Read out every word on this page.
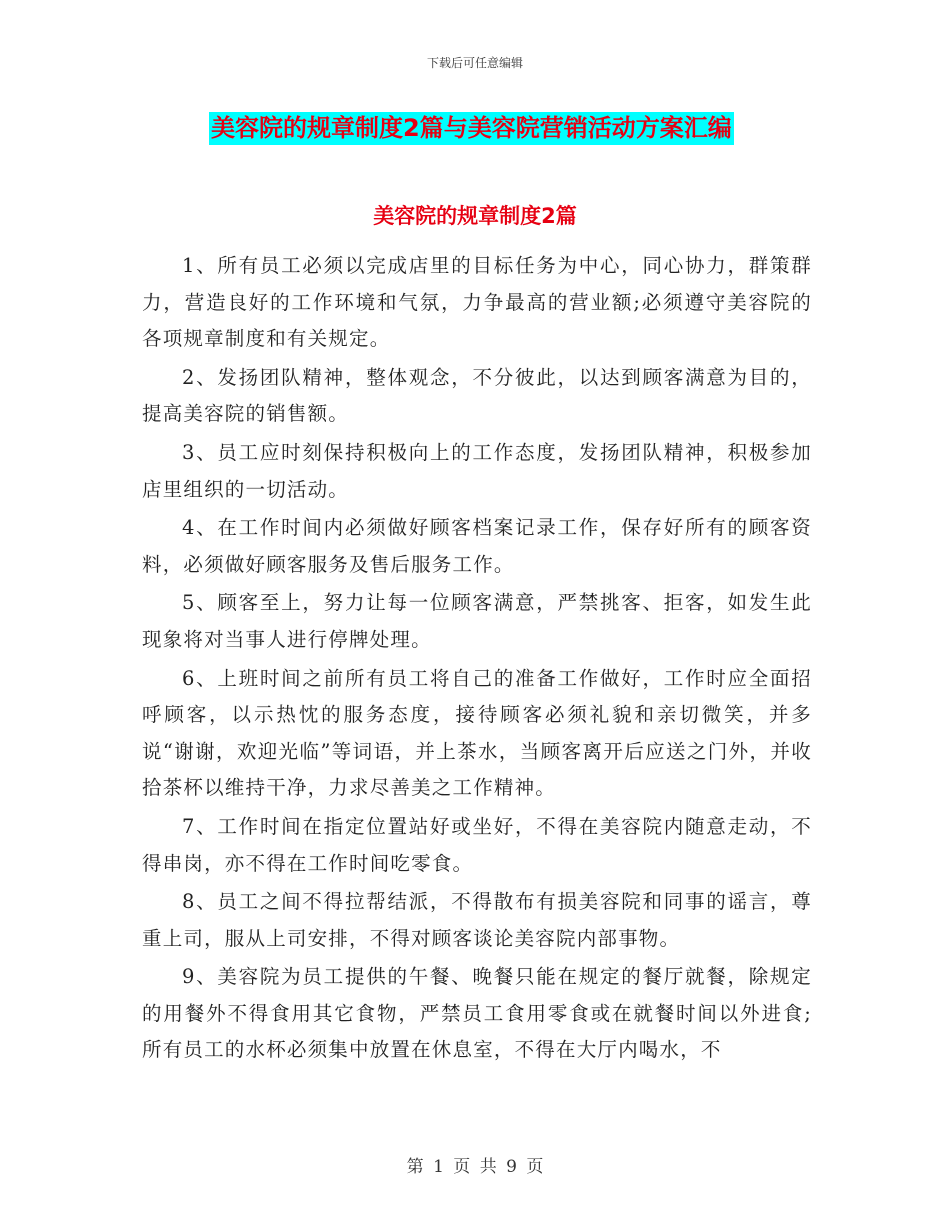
下载后可任意编辑
美容院的规章制度2篇与美容院营销活动方案汇编
美容院的规章制度2篇

1、所有员工必须以完成店里的目标任务为中心，同心协力，群策群力，营造良好的工作环境和气氛，力争最高的营业额;必须遵守美容院的各项规章制度和有关规定。

2、发扬团队精神，整体观念，不分彼此，以达到顾客满意为目的，提高美容院的销售额。

3、员工应时刻保持积极向上的工作态度，发扬团队精神，积极参加店里组织的一切活动。

4、在工作时间内必须做好顾客档案记录工作，保存好所有的顾客资料，必须做好顾客服务及售后服务工作。

5、顾客至上，努力让每一位顾客满意，严禁挑客、拒客，如发生此现象将对当事人进行停牌处理。

6、上班时间之前所有员工将自己的准备工作做好，工作时应全面招呼顾客，以示热忱的服务态度，接待顾客必须礼貌和亲切微笑，并多说“谢谢，欢迎光临”等词语，并上茶水，当顾客离开后应送之门外，并收拾茶杯以维持干净，力求尽善美之工作精神。

7、工作时间在指定位置站好或坐好，不得在美容院内随意走动，不得串岗，亦不得在工作时间吃零食。

8、员工之间不得拉帮结派，不得散布有损美容院和同事的谣言，尊重上司，服从上司安排，不得对顾客谈论美容院内部事物。

9、美容院为员工提供的午餐、晚餐只能在规定的餐厅就餐，除规定的用餐外不得食用其它食物，严禁员工食用零食或在就餐时间以外进食;所有员工的水杯必须集中放置在休息室，不得在大厅内喝水，不

第 1 页 共 9 页
